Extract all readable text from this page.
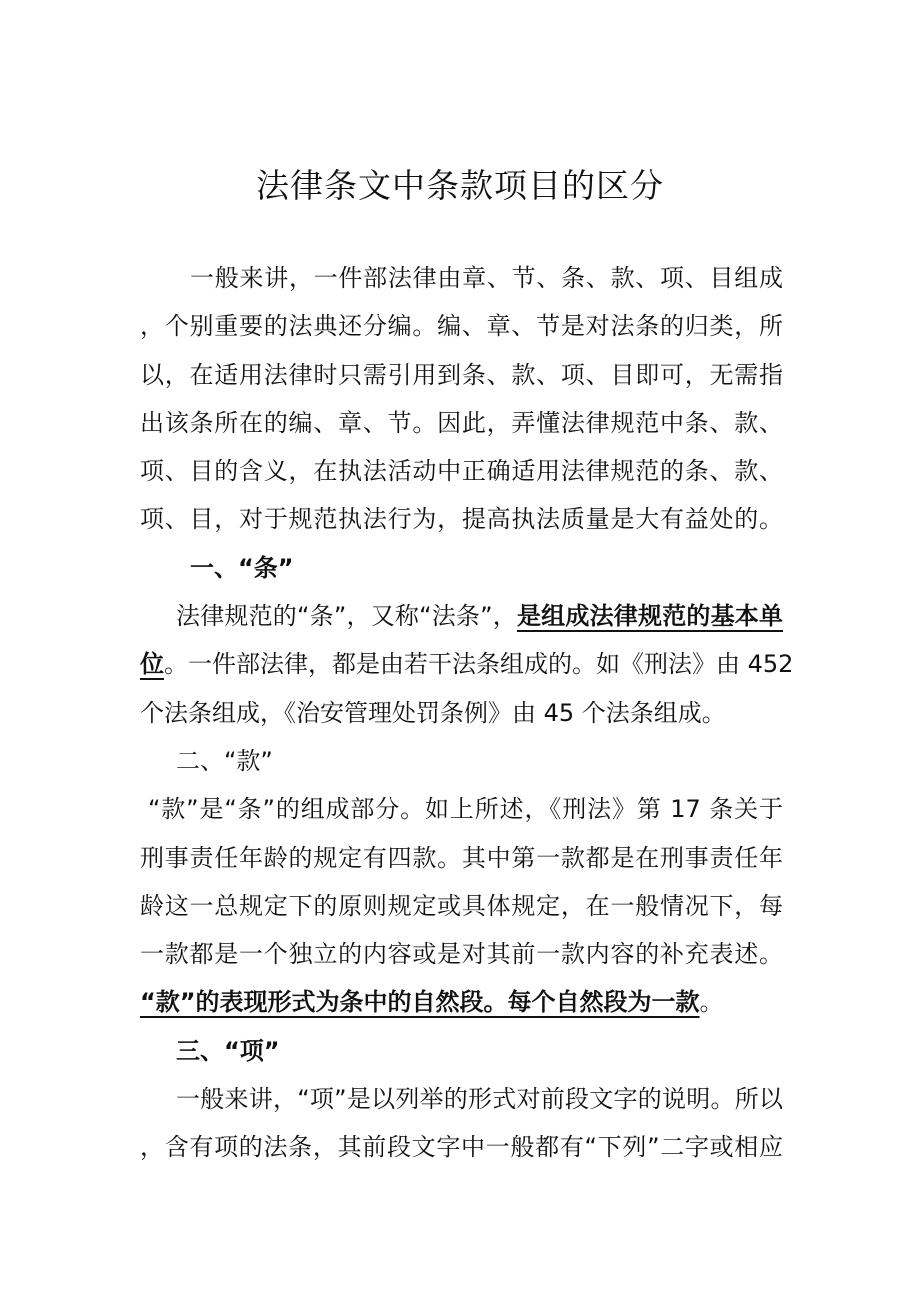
法律条文中条款项目的区分
一般来讲，一件部法律由章、节、条、款、项、目组成
，个别重要的法典还分编。编、章、节是对法条的归类，所
以，在适用法律时只需引用到条、款、项、目即可，无需指
出该条所在的编、章、节。因此，弄懂法律规范中条、款、
项、目的含义，在执法活动中正确适用法律规范的条、款、
项、目，对于规范执法行为，提高执法质量是大有益处的。
一、“条”
法律规范的“条”，又称“法条”，是组成法律规范的基本单
位。一件部法律，都是由若干法条组成的。如《刑法》由 452
个法条组成，《治安管理处罚条例》由 45 个法条组成。
二、“款”
“款”是“条”的组成部分。如上所述，《刑法》第 17 条关于
刑事责任年龄的规定有四款。其中第一款都是在刑事责任年
龄这一总规定下的原则规定或具体规定，在一般情况下，每
一款都是一个独立的内容或是对其前一款内容的补充表述。
“款”的表现形式为条中的自然段。每个自然段为一款。
三、“项”
一般来讲，“项”是以列举的形式对前段文字的说明。所以
，含有项的法条，其前段文字中一般都有“下列”二字或相应
